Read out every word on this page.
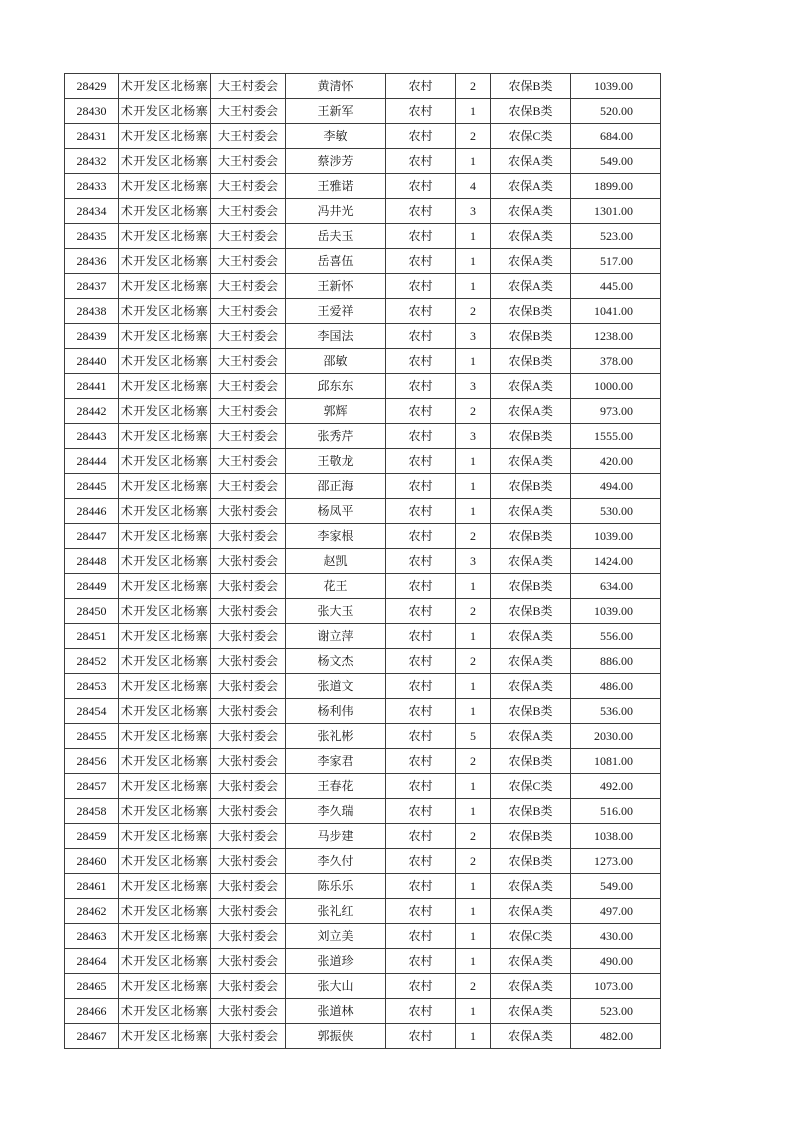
28429	术开发区北杨寨	大王村委会	黄清怀	农村	2	农保B类	1039.00
28430	术开发区北杨寨	大王村委会	王新军	农村	1	农保B类	520.00
28431	术开发区北杨寨	大王村委会	李敏	农村	2	农保C类	684.00
28432	术开发区北杨寨	大王村委会	蔡涉芳	农村	1	农保A类	549.00
28433	术开发区北杨寨	大王村委会	王雅诺	农村	4	农保A类	1899.00
28434	术开发区北杨寨	大王村委会	冯井光	农村	3	农保A类	1301.00
28435	术开发区北杨寨	大王村委会	岳夫玉	农村	1	农保A类	523.00
28436	术开发区北杨寨	大王村委会	岳喜伍	农村	1	农保A类	517.00
28437	术开发区北杨寨	大王村委会	王新怀	农村	1	农保A类	445.00
28438	术开发区北杨寨	大王村委会	王爱祥	农村	2	农保B类	1041.00
28439	术开发区北杨寨	大王村委会	李国法	农村	3	农保B类	1238.00
28440	术开发区北杨寨	大王村委会	邵敏	农村	1	农保B类	378.00
28441	术开发区北杨寨	大王村委会	邱东东	农村	3	农保A类	1000.00
28442	术开发区北杨寨	大王村委会	郭辉	农村	2	农保A类	973.00
28443	术开发区北杨寨	大王村委会	张秀芹	农村	3	农保B类	1555.00
28444	术开发区北杨寨	大王村委会	王敬龙	农村	1	农保A类	420.00
28445	术开发区北杨寨	大王村委会	邵正海	农村	1	农保B类	494.00
28446	术开发区北杨寨	大张村委会	杨凤平	农村	1	农保A类	530.00
28447	术开发区北杨寨	大张村委会	李家根	农村	2	农保B类	1039.00
28448	术开发区北杨寨	大张村委会	赵凯	农村	3	农保A类	1424.00
28449	术开发区北杨寨	大张村委会	花王	农村	1	农保B类	634.00
28450	术开发区北杨寨	大张村委会	张大玉	农村	2	农保B类	1039.00
28451	术开发区北杨寨	大张村委会	谢立萍	农村	1	农保A类	556.00
28452	术开发区北杨寨	大张村委会	杨文杰	农村	2	农保A类	886.00
28453	术开发区北杨寨	大张村委会	张道文	农村	1	农保A类	486.00
28454	术开发区北杨寨	大张村委会	杨利伟	农村	1	农保B类	536.00
28455	术开发区北杨寨	大张村委会	张礼彬	农村	5	农保A类	2030.00
28456	术开发区北杨寨	大张村委会	李家君	农村	2	农保B类	1081.00
28457	术开发区北杨寨	大张村委会	王春花	农村	1	农保C类	492.00
28458	术开发区北杨寨	大张村委会	李久瑞	农村	1	农保B类	516.00
28459	术开发区北杨寨	大张村委会	马步建	农村	2	农保B类	1038.00
28460	术开发区北杨寨	大张村委会	李久付	农村	2	农保B类	1273.00
28461	术开发区北杨寨	大张村委会	陈乐乐	农村	1	农保A类	549.00
28462	术开发区北杨寨	大张村委会	张礼红	农村	1	农保A类	497.00
28463	术开发区北杨寨	大张村委会	刘立美	农村	1	农保C类	430.00
28464	术开发区北杨寨	大张村委会	张道珍	农村	1	农保A类	490.00
28465	术开发区北杨寨	大张村委会	张大山	农村	2	农保A类	1073.00
28466	术开发区北杨寨	大张村委会	张道林	农村	1	农保A类	523.00
28467	术开发区北杨寨	大张村委会	郭振侠	农村	1	农保A类	482.00
